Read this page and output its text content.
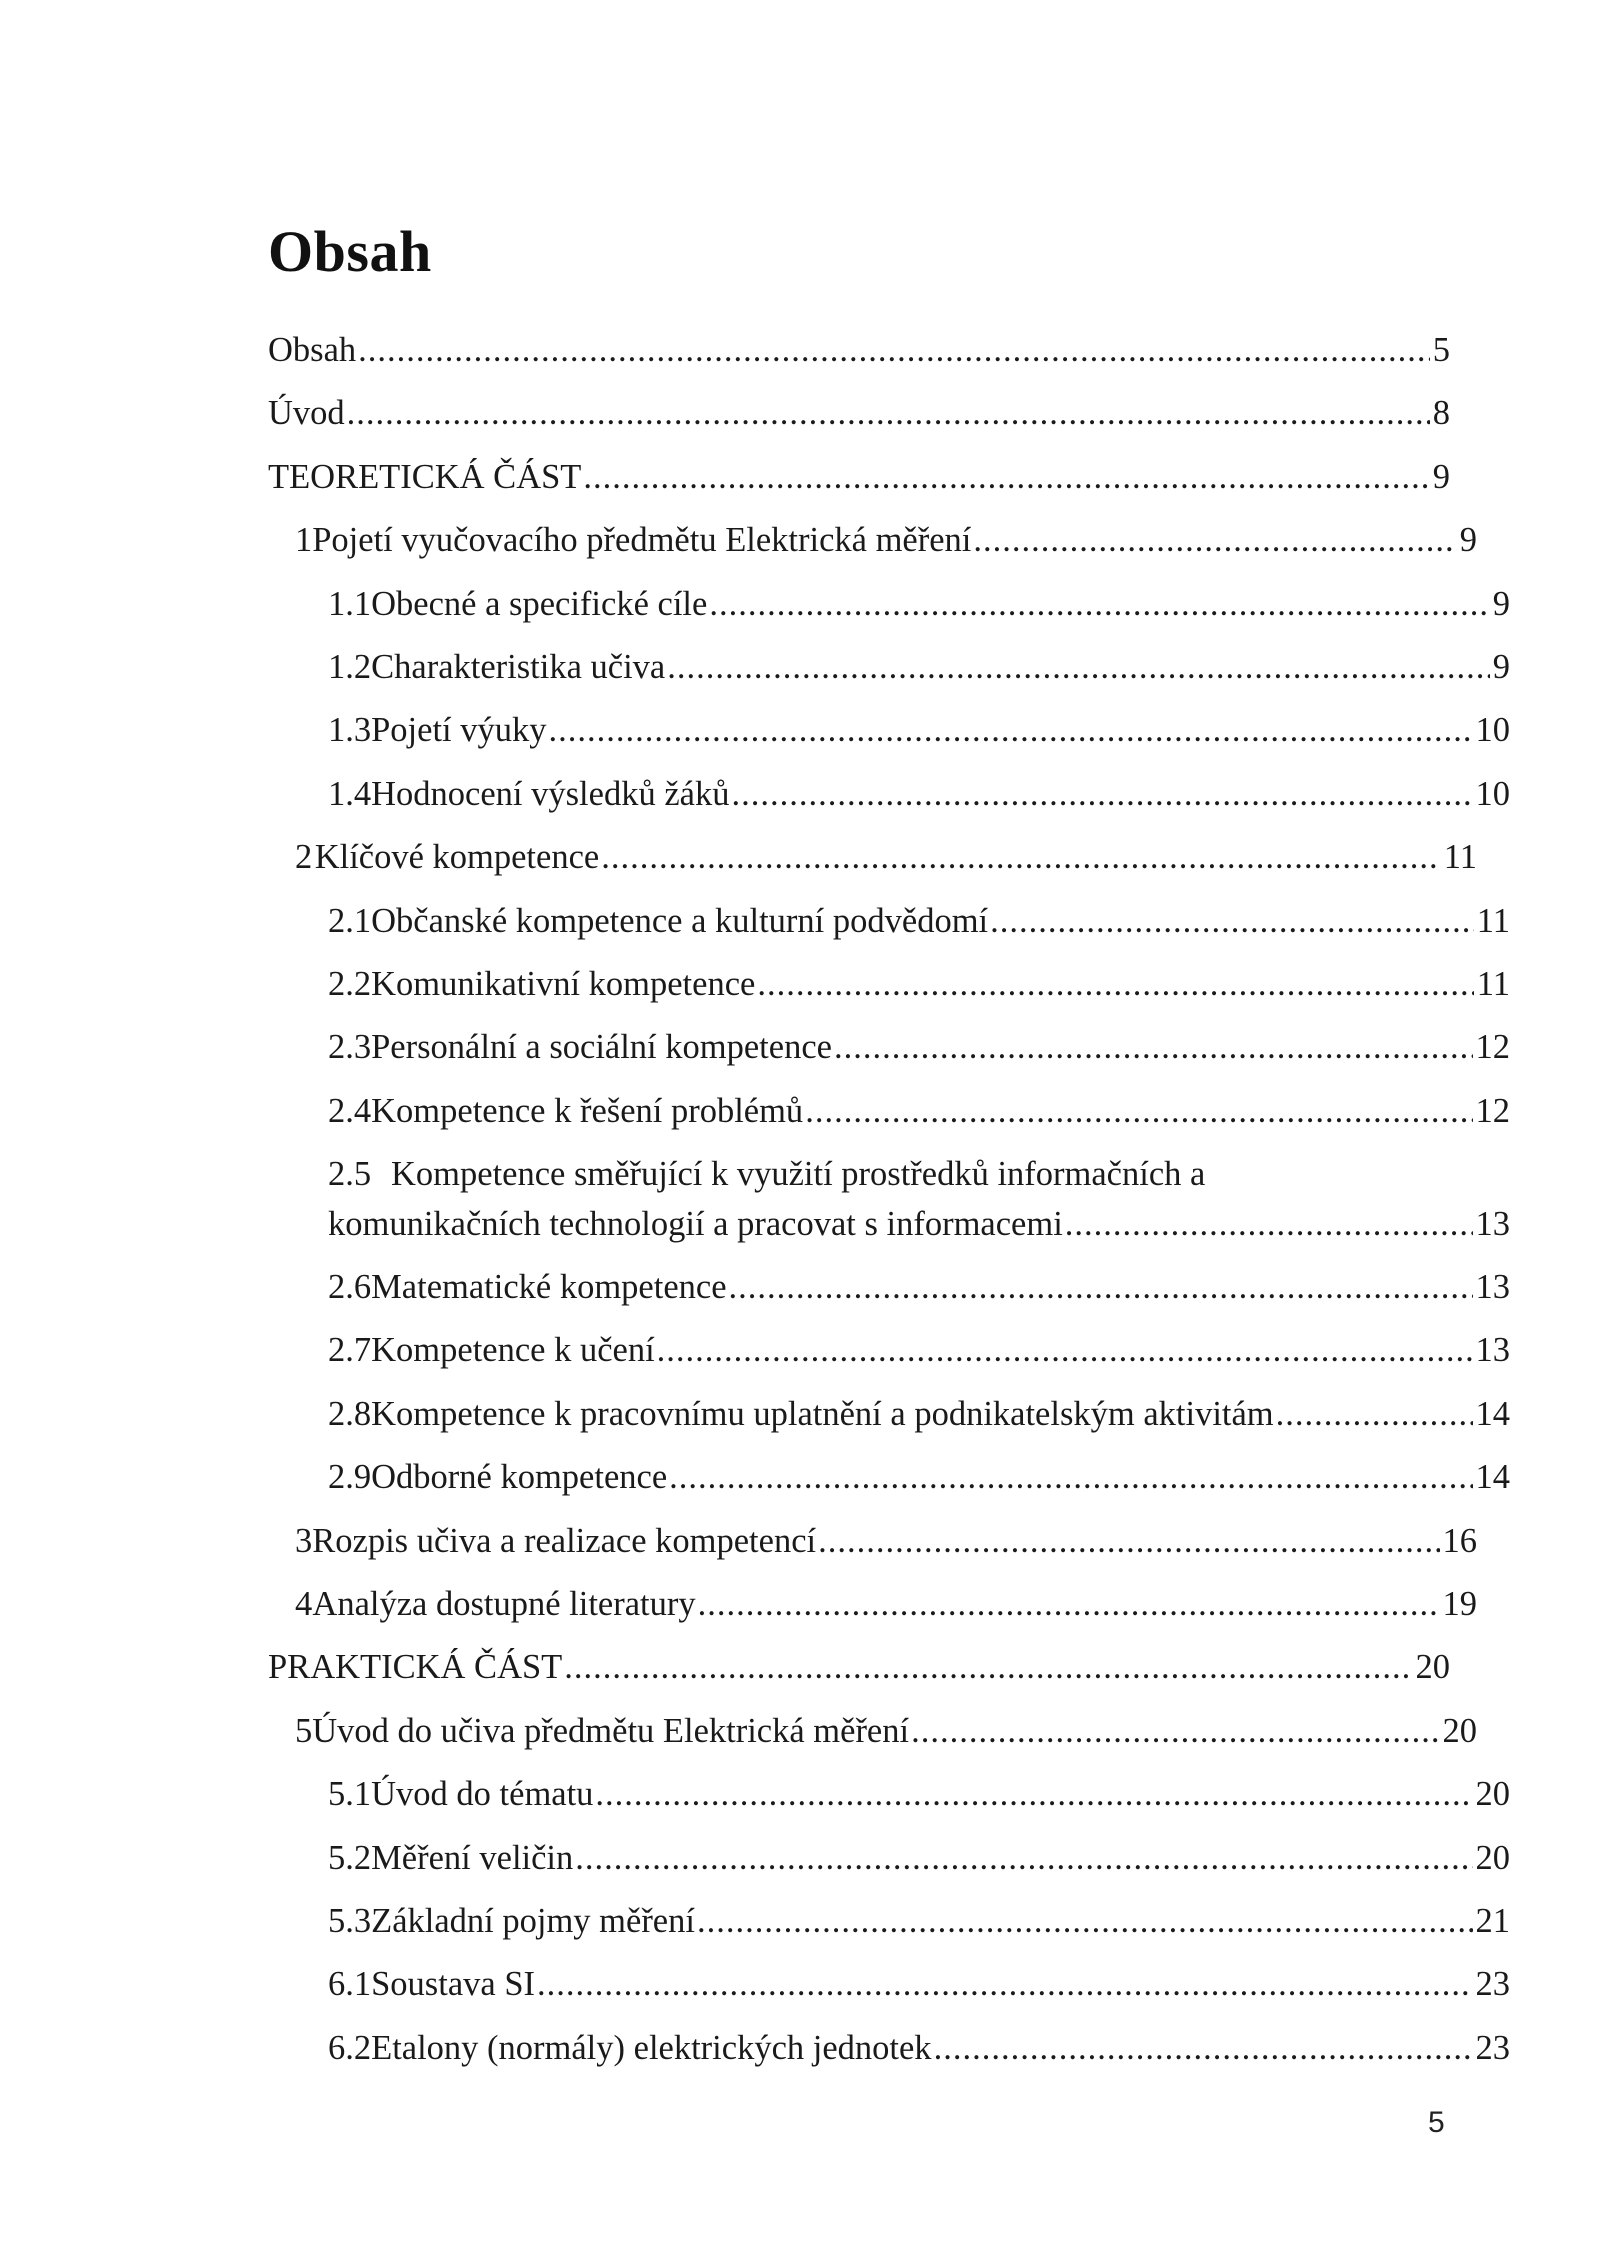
Obsah
Obsah .....	5
Úvod .....	8
TEORETICKÁ ČÁST .....	9
1 Pojetí vyučovacího předmětu Elektrická měření .....	9
1.1 Obecné a specifické cíle .....	9
1.2 Charakteristika učiva .....	9
1.3 Pojetí výuky .....	10
1.4 Hodnocení výsledků žáků .....	10
2 Klíčové kompetence .....	11
2.1 Občanské kompetence a kulturní podvědomí .....	11
2.2 Komunikativní kompetence .....	11
2.3 Personální a sociální kompetence .....	12
2.4 Kompetence k řešení problémů .....	12
2.5 Kompetence směřující k využití prostředků informačních a
komunikačních technologií a pracovat s informacemi .....	13
2.6 Matematické kompetence .....	13
2.7 Kompetence k učení .....	13
2.8 Kompetence k pracovnímu uplatnění a podnikatelským aktivitám .....	14
2.9 Odborné kompetence .....	14
3 Rozpis učiva a realizace kompetencí .....	16
4 Analýza dostupné literatury .....	19
PRAKTICKÁ ČÁST .....	20
5 Úvod do učiva předmětu Elektrická měření .....	20
5.1 Úvod do tématu .....	20
5.2 Měření veličin .....	20
5.3 Základní pojmy měření .....	21
6.1 Soustava SI .....	23
6.2 Etalony (normály) elektrických jednotek .....	23
5
